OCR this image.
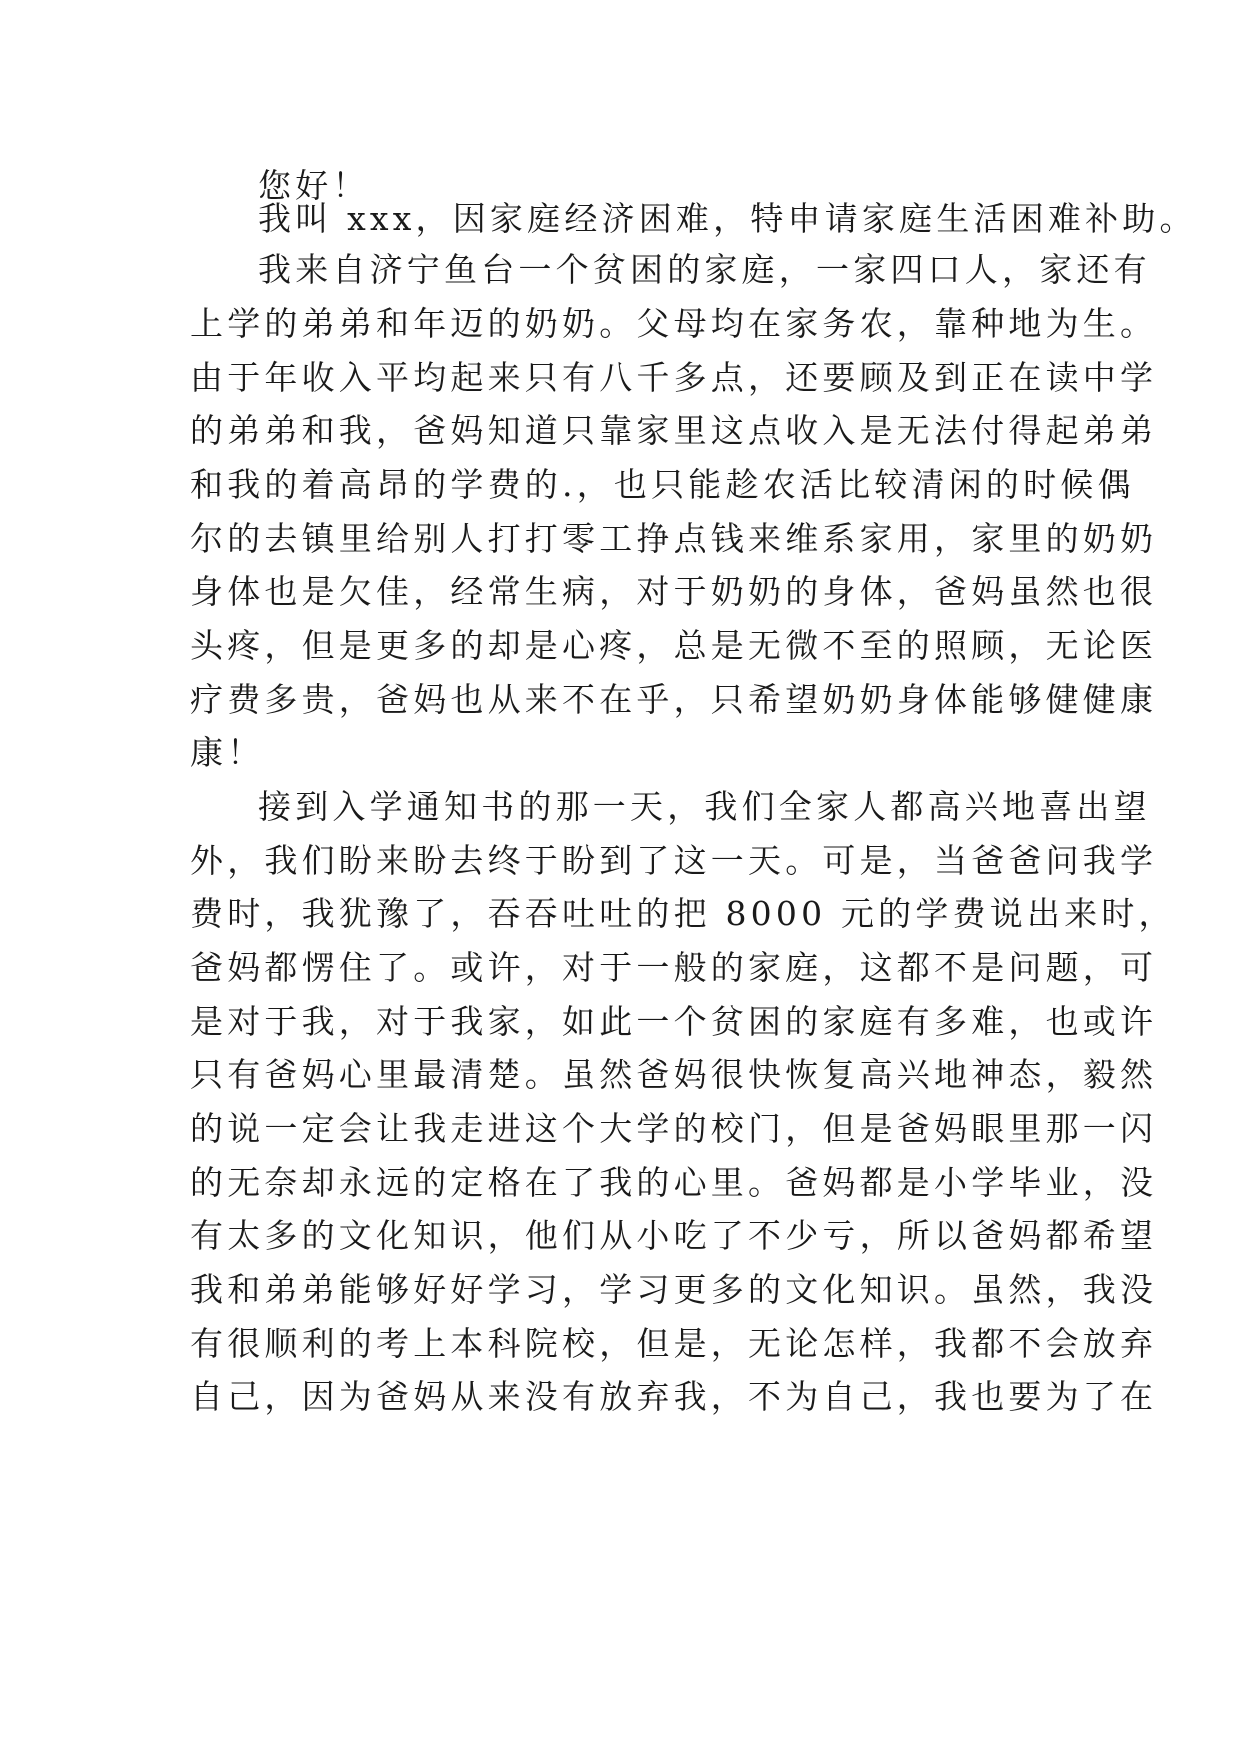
您好！
我叫 xxx，因家庭经济困难，特申请家庭生活困难补助。
我来自济宁鱼台一个贫困的家庭，一家四口人，家还有
上学的弟弟和年迈的奶奶。父母均在家务农，靠种地为生。
由于年收入平均起来只有八千多点，还要顾及到正在读中学
的弟弟和我，爸妈知道只靠家里这点收入是无法付得起弟弟
和我的着高昂的学费的.，也只能趁农活比较清闲的时候偶
尔的去镇里给别人打打零工挣点钱来维系家用，家里的奶奶
身体也是欠佳，经常生病，对于奶奶的身体，爸妈虽然也很
头疼，但是更多的却是心疼，总是无微不至的照顾，无论医
疗费多贵，爸妈也从来不在乎，只希望奶奶身体能够健健康
康！
接到入学通知书的那一天，我们全家人都高兴地喜出望
外，我们盼来盼去终于盼到了这一天。可是，当爸爸问我学
费时，我犹豫了，吞吞吐吐的把 8000 元的学费说出来时，
爸妈都愣住了。或许，对于一般的家庭，这都不是问题，可
是对于我，对于我家，如此一个贫困的家庭有多难，也或许
只有爸妈心里最清楚。虽然爸妈很快恢复高兴地神态，毅然
的说一定会让我走进这个大学的校门，但是爸妈眼里那一闪
的无奈却永远的定格在了我的心里。爸妈都是小学毕业，没
有太多的文化知识，他们从小吃了不少亏，所以爸妈都希望
我和弟弟能够好好学习，学习更多的文化知识。虽然，我没
有很顺利的考上本科院校，但是，无论怎样，我都不会放弃
自己，因为爸妈从来没有放弃我，不为自己，我也要为了在
